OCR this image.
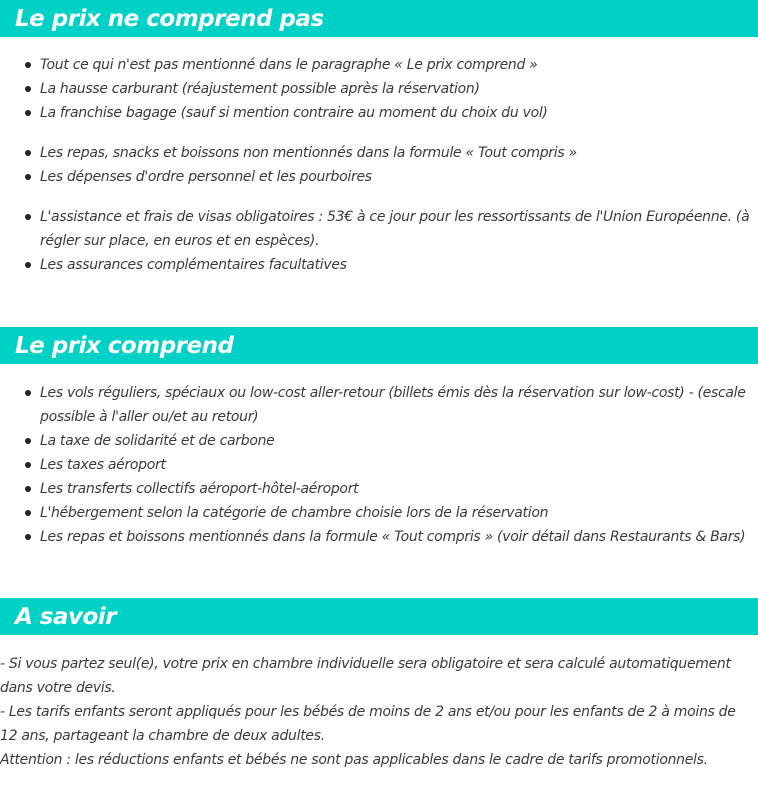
Le prix ne comprend pas
Tout ce qui n'est pas mentionné dans le paragraphe « Le prix comprend »
La hausse carburant (réajustement possible après la réservation)
La franchise bagage (sauf si mention contraire au moment du choix du vol)
Les repas, snacks et boissons non mentionnés dans la formule « Tout compris »
Les dépenses d'ordre personnel et les pourboires
L'assistance et frais de visas obligatoires : 53€ à ce jour pour les ressortissants de l'Union Européenne. (à régler sur place, en euros et en espèces).
Les assurances complémentaires facultatives
Le prix comprend
Les vols réguliers, spéciaux ou low-cost aller-retour (billets émis dès la réservation sur low-cost) - (escale possible à l'aller ou/et au retour)
La taxe de solidarité et de carbone
Les taxes aéroport
Les transferts collectifs aéroport-hôtel-aéroport
L'hébergement selon la catégorie de chambre choisie lors de la réservation
Les repas et boissons mentionnés dans la formule « Tout compris » (voir détail dans Restaurants & Bars)
A savoir

- Si vous partez seul(e), votre prix en chambre individuelle sera obligatoire et sera calculé automatiquement dans votre devis.

- Les tarifs enfants seront appliqués pour les bébés de moins de 2 ans et/ou pour les enfants de 2 à moins de 12 ans, partageant la chambre de deux adultes.

Attention : les réductions enfants et bébés ne sont pas applicables dans le cadre de tarifs promotionnels.
